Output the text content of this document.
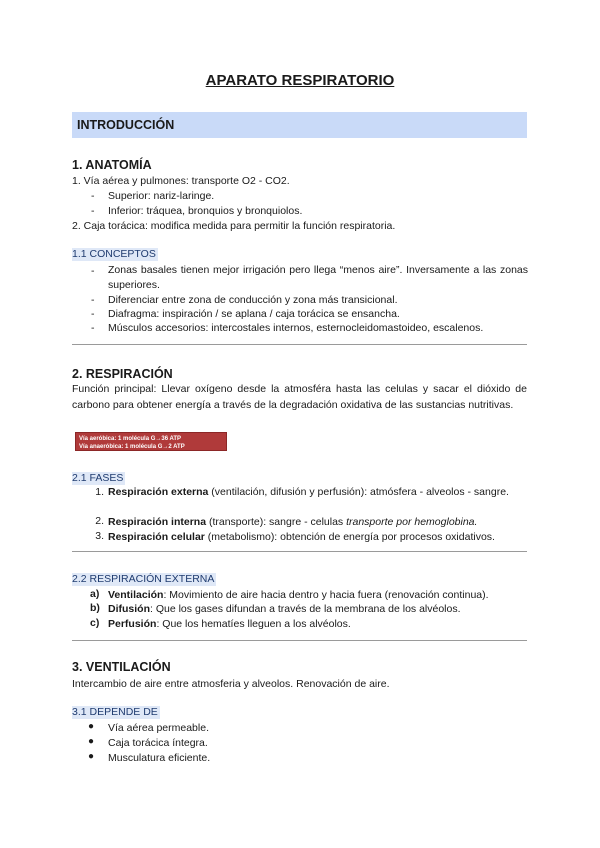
APARATO RESPIRATORIO
INTRODUCCIÓN
1. ANATOMÍA
1. Vía aérea y pulmones: transporte O2 - CO2.
- Superior: nariz-laringe.
- Inferior: tráquea, bronquios y bronquiolos.
2. Caja torácica: modifica medida para permitir la función respiratoria.
1.1 CONCEPTOS
- Zonas basales tienen mejor irrigación pero llega “menos aire”. Inversamente a las zonas superiores.
- Diferenciar entre zona de conducción y zona más transicional.
- Diafragma: inspiración / se aplana / caja torácica se ensancha.
- Músculos accesorios: intercostales internos, esternocleidomastoideo, escalenos.
2. RESPIRACIÓN
Función principal: Llevar oxígeno desde la atmosféra hasta las celulas y sacar el dióxido de carbono para obtener energía a través de la degradación oxidativa de las sustancias nutritivas.
Vía aeróbica: 1 molécula G→36 ATP
Vía anaeróbica: 1 molécula G→2 ATP
2.1 FASES
1. Respiración externa (ventilación, difusión y perfusión): atmósfera - alveolos - sangre.
2. Respiración interna (transporte): sangre - celulas transporte por hemoglobina.
3. Respiración celular (metabolismo): obtención de energía por procesos oxidativos.
2.2 RESPIRACIÓN EXTERNA
a) Ventilación: Movimiento de aire hacia dentro y hacia fuera (renovación continua).
b) Difusión: Que los gases difundan a través de la membrana de los alvéolos.
c) Perfusión: Que los hematíes lleguen a los alvéolos.
3. VENTILACIÓN
Intercambio de aire entre atmosferia y alveolos. Renovación de aire.
3.1 DEPENDE DE
● Vía aérea permeable.
● Caja torácica íntegra.
● Musculatura eficiente.
